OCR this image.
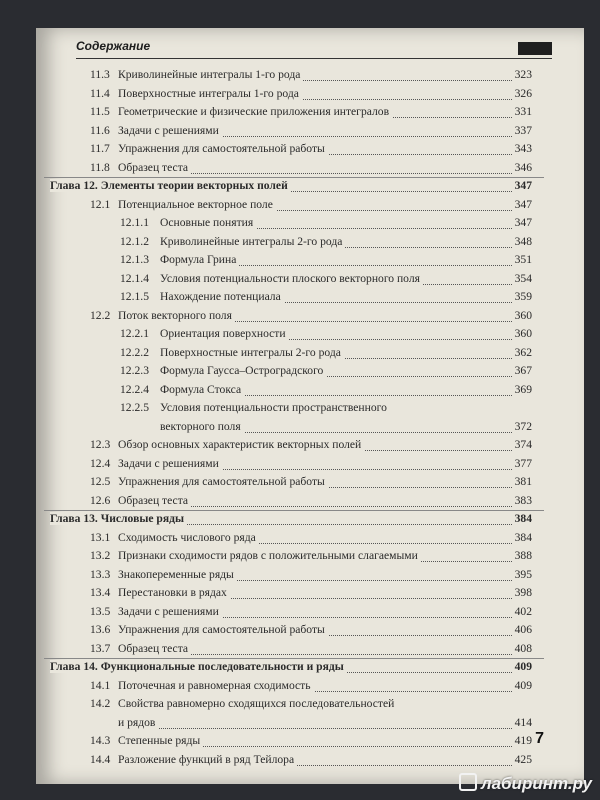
Содержание
11.3 Криволинейные интегралы 1-го рода	323
11.4 Поверхностные интегралы 1-го рода	326
11.5 Геометрические и физические приложения интегралов	331
11.6 Задачи с решениями	337
11.7 Упражнения для самостоятельной работы	343
11.8 Образец теста	346
Глава 12. Элементы теории векторных полей	347
12.1 Потенциальное векторное поле	347
12.1.1 Основные понятия	347
12.1.2 Криволинейные интегралы 2-го рода	348
12.1.3 Формула Грина	351
12.1.4 Условия потенциальности плоского векторного поля	354
12.1.5 Нахождение потенциала	359
12.2 Поток векторного поля	360
12.2.1 Ориентация поверхности	360
12.2.2 Поверхностные интегралы 2-го рода	362
12.2.3 Формула Гаусса–Остроградского	367
12.2.4 Формула Стокса	369
12.2.5 Условия потенциальности пространственного
векторного поля	372
12.3 Обзор основных характеристик векторных полей	374
12.4 Задачи с решениями	377
12.5 Упражнения для самостоятельной работы	381
12.6 Образец теста	383
Глава 13. Числовые ряды	384
13.1 Сходимость числового ряда	384
13.2 Признаки сходимости рядов с положительными слагаемыми	388
13.3 Знакопеременные ряды	395
13.4 Перестановки в рядах	398
13.5 Задачи с решениями	402
13.6 Упражнения для самостоятельной работы	406
13.7 Образец теста	408
Глава 14. Функциональные последовательности и ряды	409
14.1 Поточечная и равномерная сходимость	409
14.2 Свойства равномерно сходящихся последовательностей
и рядов	414
14.3 Степенные ряды	419
14.4 Разложение функций в ряд Тейлора	425
7
лабиринт.ру
